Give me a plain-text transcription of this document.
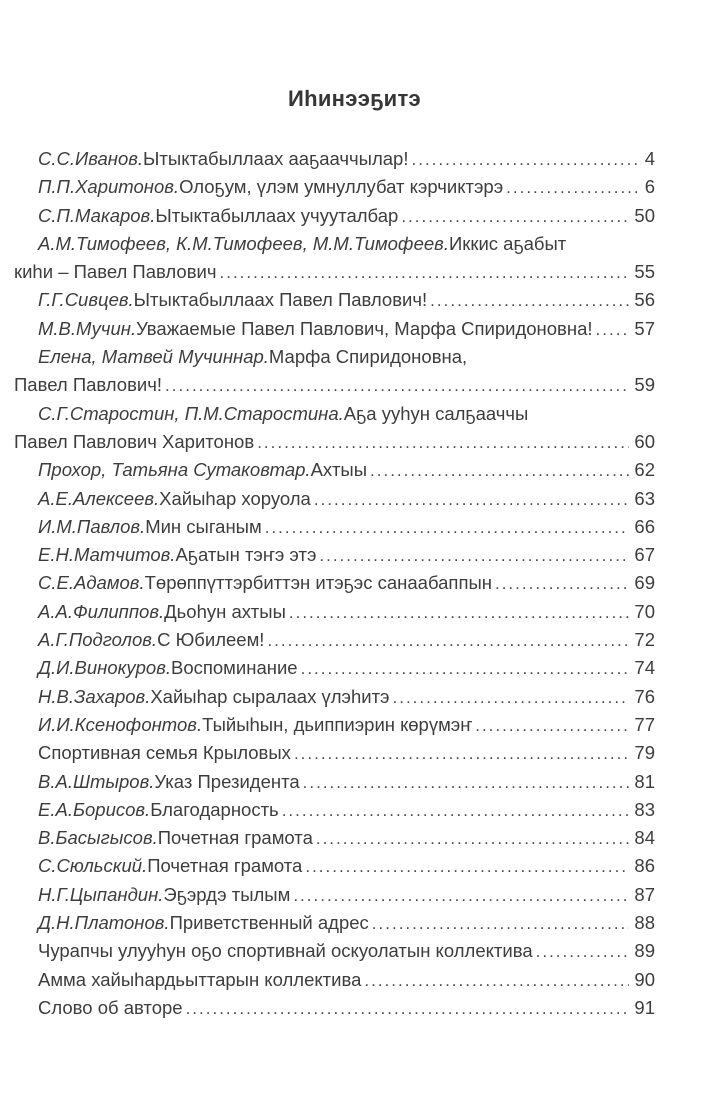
Иһинээҕитэ
С.С.Иванов. Ытыктабыллаах ааҕааччылар! .....	4
П.П.Харитонов. Олоҕум, үлэм умнуллубат кэрчиктэрэ .....	6
С.П.Макаров. Ытыктабыллаах учууталбар .....	50
А.М.Тимофеев, К.М.Тимофеев, М.М.Тимофеев. Иккис аҕабыт
киһи – Павел Павлович .....	55
Г.Г.Сивцев. Ытыктабыллаах Павел Павлович! .....	56
М.В.Мучин. Уважаемые Павел Павлович, Марфа Спиридоновна! ..... 57
Елена, Матвей Мучиннар. Марфа Спиридоновна,
Павел Павлович! .....	59
С.Г.Старостин, П.М.Старостина. Аҕа ууһун салҕааччы
Павел Павлович Харитонов .....	60
Прохор, Татьяна Сутаковтар. Ахтыы .....	62
А.Е.Алексеев. Хайыһар хоруола .....	63
И.М.Павлов. Мин сыганым .....	66
Е.Н.Матчитов. Аҕатын тэҥэ этэ .....	67
С.Е.Адамов. Төрөппүттэрбиттэн итэҕэс санаабаппын .....	69
А.А.Филиппов. Дьоһун ахтыы .....	70
А.Г.Подголов. С Юбилеем! .....	72
Д.И.Винокуров. Воспоминание .....	74
Н.В.Захаров. Хайыһар сыралаах үлэһитэ .....	76
И.И.Ксенофонтов. Тыйыһын, дьиппиэрин көрүмэҥ .....	77
Спортивная семья Крыловых .....	79
В.А.Штыров. Указ Президента .....	81
Е.А.Борисов. Благодарность .....	83
В.Басыгысов. Почетная грамота .....	84
С.Сюльский. Почетная грамота .....	86
Н.Г.Цыпандин. Эҕэрдэ тылым .....	87
Д.Н.Платонов. Приветственный адрес .....	88
Чурапчы улууһун оҕо спортивнай оскуолатын коллектива .....	89
Амма хайыһардьыттарын коллектива .....	90
Слово об авторе .....	91
